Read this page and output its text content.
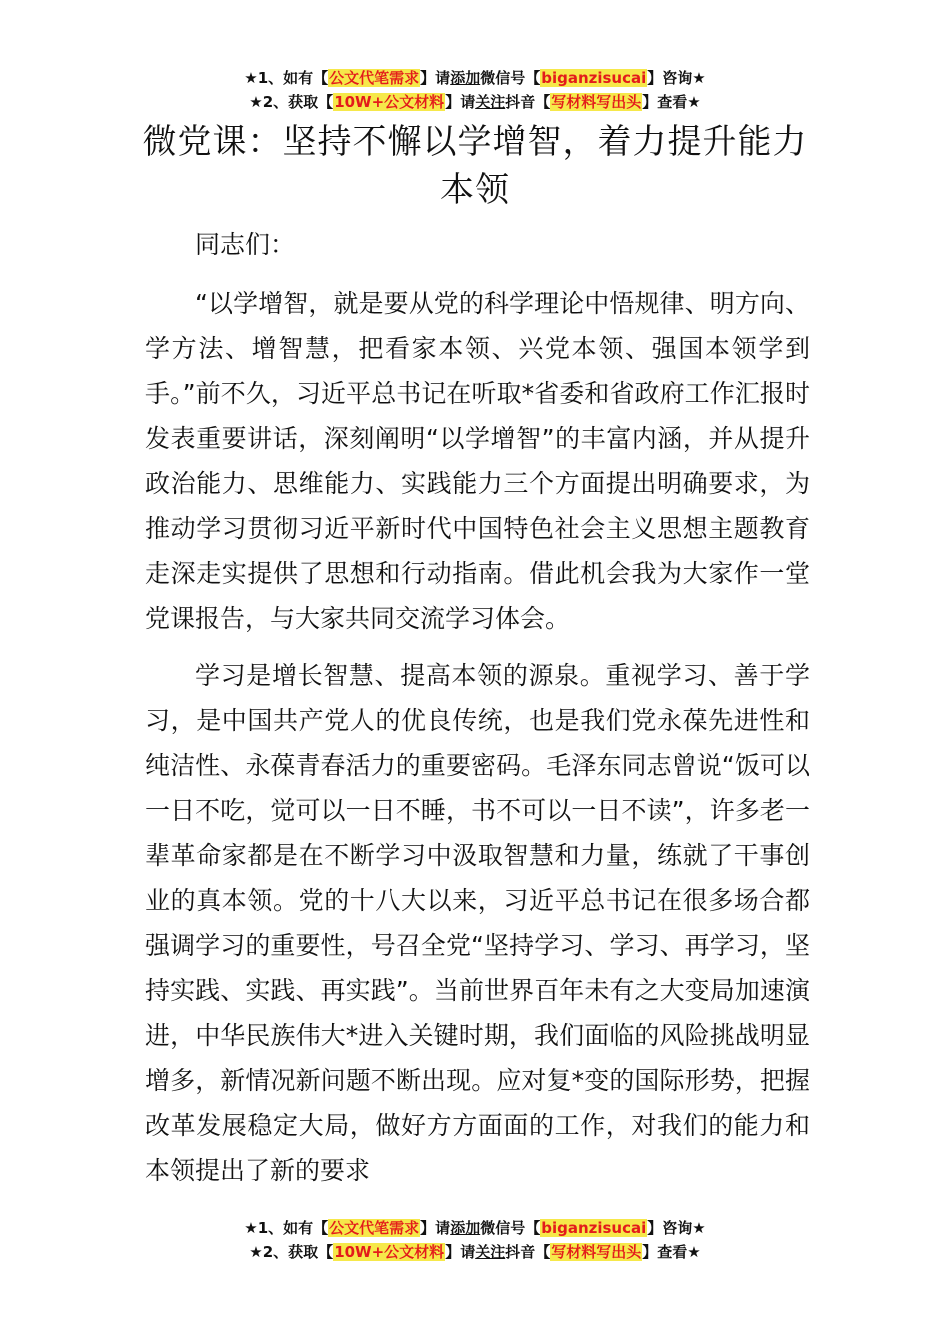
★1、如有【公文代笔需求】请添加微信号【biganzisucai】咨询★
★2、获取【10W+公文材料】请关注抖音【写材料写出头】查看★
微党课：坚持不懈以学增智，着力提升能力本领

同志们：

“以学增智，就是要从党的科学理论中悟规律、明方向、学方法、增智慧，把看家本领、兴党本领、强国本领学到手。”前不久，习近平总书记在听取*省委和省政府工作汇报时发表重要讲话，深刻阐明“以学增智”的丰富内涵，并从提升政治能力、思维能力、实践能力三个方面提出明确要求，为推动学习贯彻习近平新时代中国特色社会主义思想主题教育走深走实提供了思想和行动指南。借此机会我为大家作一堂党课报告，与大家共同交流学习体会。

学习是增长智慧、提高本领的源泉。重视学习、善于学习，是中国共产党人的优良传统，也是我们党永葆先进性和纯洁性、永葆青春活力的重要密码。毛泽东同志曾说“饭可以一日不吃，觉可以一日不睡，书不可以一日不读”，许多老一辈革命家都是在不断学习中汲取智慧和力量，练就了干事创业的真本领。党的十八大以来，习近平总书记在很多场合都强调学习的重要性，号召全党“坚持学习、学习、再学习，坚持实践、实践、再实践”。当前世界百年未有之大变局加速演进，中华民族伟大*进入关键时期，我们面临的风险挑战明显增多，新情况新问题不断出现。应对复*变的国际形势，把握改革发展稳定大局，做好方方面面的工作，对我们的能力和本领提出了新的要求

★1、如有【公文代笔需求】请添加微信号【biganzisucai】咨询★
★2、获取【10W+公文材料】请关注抖音【写材料写出头】查看★
